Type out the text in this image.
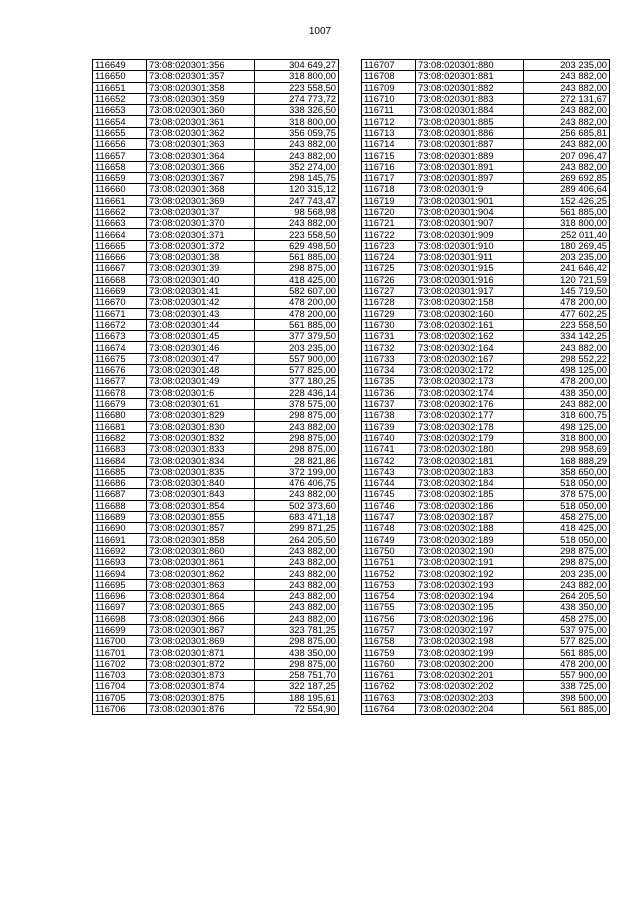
1007
116649	73:08:020301:356	304 649,27
116650	73:08:020301:357	318 800,00
116651	73:08:020301:358	223 558,50
116652	73:08:020301:359	274 773,72
116653	73:08:020301:360	338 326,50
116654	73:08:020301:361	318 800,00
116655	73:08:020301:362	356 059,75
116656	73:08:020301:363	243 882,00
116657	73:08:020301:364	243 882,00
116658	73:08:020301:366	352 274,00
116659	73:08:020301:367	298 145,75
116660	73:08:020301:368	120 315,12
116661	73:08:020301:369	247 743,47
116662	73:08:020301:37	98 568,98
116663	73:08:020301:370	243 882,00
116664	73:08:020301:371	223 558,50
116665	73:08:020301:372	629 498,50
116666	73:08:020301:38	561 885,00
116667	73:08:020301:39	298 875,00
116668	73:08:020301:40	418 425,00
116669	73:08:020301:41	582 607,00
116670	73:08:020301:42	478 200,00
116671	73:08:020301:43	478 200,00
116672	73:08:020301:44	561 885,00
116673	73:08:020301:45	377 379,50
116674	73:08:020301:46	203 235,00
116675	73:08:020301:47	557 900,00
116676	73:08:020301:48	577 825,00
116677	73:08:020301:49	377 180,25
116678	73:08:020301:6	228 436,14
116679	73:08:020301:61	378 575,00
116680	73:08:020301:829	298 875,00
116681	73:08:020301:830	243 882,00
116682	73:08:020301:832	298 875,00
116683	73:08:020301:833	298 875,00
116684	73:08:020301:834	28 821,86
116685	73:08:020301:835	372 199,00
116686	73:08:020301:840	476 406,75
116687	73:08:020301:843	243 882,00
116688	73:08:020301:854	502 373,60
116689	73:08:020301:855	683 471,18
116690	73:08:020301:857	299 871,25
116691	73:08:020301:858	264 205,50
116692	73:08:020301:860	243 882,00
116693	73:08:020301:861	243 882,00
116694	73:08:020301:862	243 882,00
116695	73:08:020301:863	243 882,00
116696	73:08:020301:864	243 882,00
116697	73:08:020301:865	243 882,00
116698	73:08:020301:866	243 882,00
116699	73:08:020301:867	323 781,25
116700	73:08:020301:869	298 875,00
116701	73:08:020301:871	438 350,00
116702	73:08:020301:872	298 875,00
116703	73:08:020301:873	258 751,70
116704	73:08:020301:874	322 187,25
116705	73:08:020301:875	188 195,61
116706	73:08:020301:876	72 554,90
116707	73:08:020301:880	203 235,00
116708	73:08:020301:881	243 882,00
116709	73:08:020301:882	243 882,00
116710	73:08:020301:883	272 131,67
116711	73:08:020301:884	243 882,00
116712	73:08:020301:885	243 882,00
116713	73:08:020301:886	256 685,81
116714	73:08:020301:887	243 882,00
116715	73:08:020301:889	207 096,47
116716	73:08:020301:891	243 882,00
116717	73:08:020301:897	269 692,85
116718	73:08:020301:9	289 406,64
116719	73:08:020301:901	152 426,25
116720	73:08:020301:904	561 885,00
116721	73:08:020301:907	318 800,00
116722	73:08:020301:909	252 011,40
116723	73:08:020301:910	180 269,45
116724	73:08:020301:911	203 235,00
116725	73:08:020301:915	241 646,42
116726	73:08:020301:916	120 721,59
116727	73:08:020301:917	145 719,50
116728	73:08:020302:158	478 200,00
116729	73:08:020302:160	477 602,25
116730	73:08:020302:161	223 558,50
116731	73:08:020302:162	334 142,25
116732	73:08:020302:164	243 882,00
116733	73:08:020302:167	298 552,22
116734	73:08:020302:172	498 125,00
116735	73:08:020302:173	478 200,00
116736	73:08:020302:174	438 350,00
116737	73:08:020302:176	243 882,00
116738	73:08:020302:177	318 600,75
116739	73:08:020302:178	498 125,00
116740	73:08:020302:179	318 800,00
116741	73:08:020302:180	298 958,69
116742	73:08:020302:181	168 888,29
116743	73:08:020302:183	358 650,00
116744	73:08:020302:184	518 050,00
116745	73:08:020302:185	378 575,00
116746	73:08:020302:186	518 050,00
116747	73:08:020302:187	458 275,00
116748	73:08:020302:188	418 425,00
116749	73:08:020302:189	518 050,00
116750	73:08:020302:190	298 875,00
116751	73:08:020302:191	298 875,00
116752	73:08:020302:192	203 235,00
116753	73:08:020302:193	243 882,00
116754	73:08:020302:194	264 205,50
116755	73:08:020302:195	438 350,00
116756	73:08:020302:196	458 275,00
116757	73:08:020302:197	537 975,00
116758	73:08:020302:198	577 825,00
116759	73:08:020302:199	561 885,00
116760	73:08:020302:200	478 200,00
116761	73:08:020302:201	557 900,00
116762	73:08:020302:202	338 725,00
116763	73:08:020302:203	398 500,00
116764	73:08:020302:204	561 885,00
